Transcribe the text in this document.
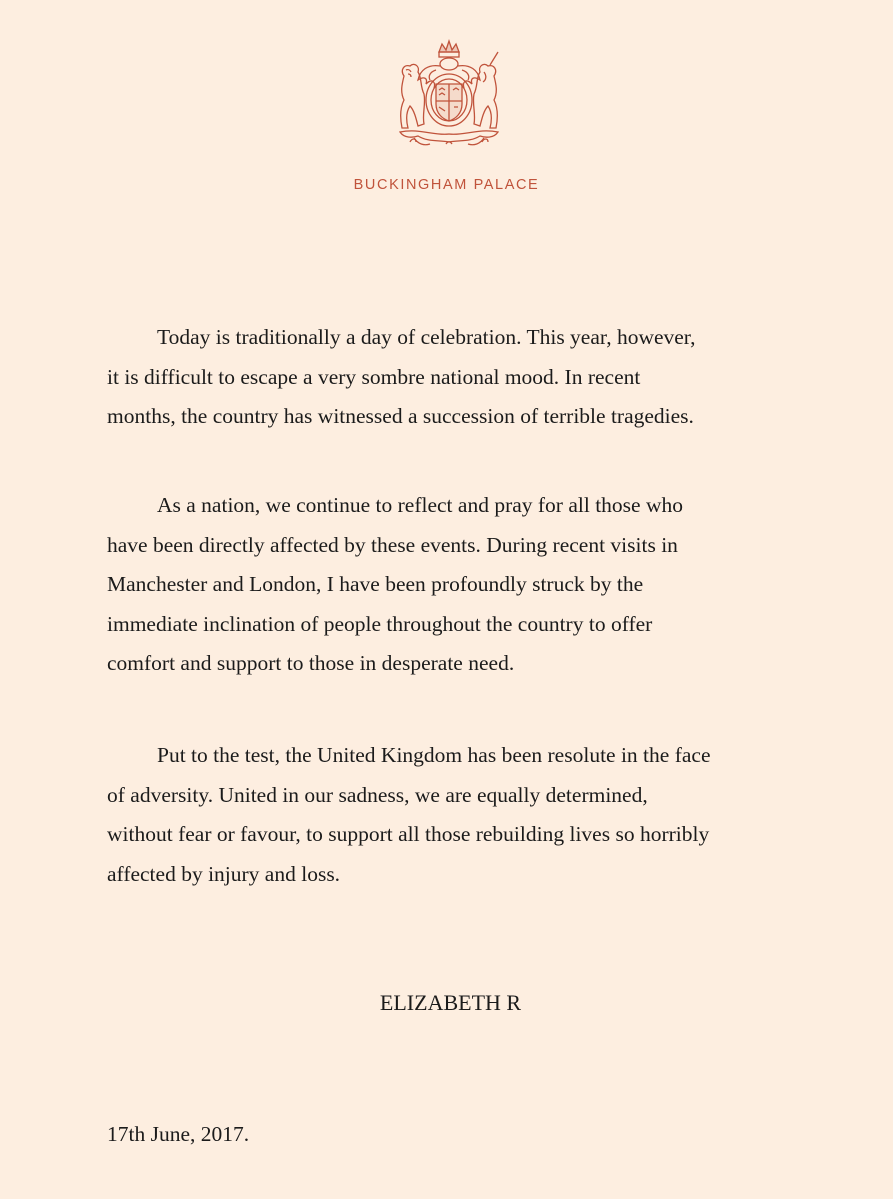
BUCKINGHAM PALACE
Today is traditionally a day of celebration. This year, however,
it is difficult to escape a very sombre national mood. In recent
months, the country has witnessed a succession of terrible tragedies.
As a nation, we continue to reflect and pray for all those who
have been directly affected by these events. During recent visits in
Manchester and London, I have been profoundly struck by the
immediate inclination of people throughout the country to offer
comfort and support to those in desperate need.
Put to the test, the United Kingdom has been resolute in the face
of adversity. United in our sadness, we are equally determined,
without fear or favour, to support all those rebuilding lives so horribly
affected by injury and loss.
ELIZABETH R
17th June, 2017.
